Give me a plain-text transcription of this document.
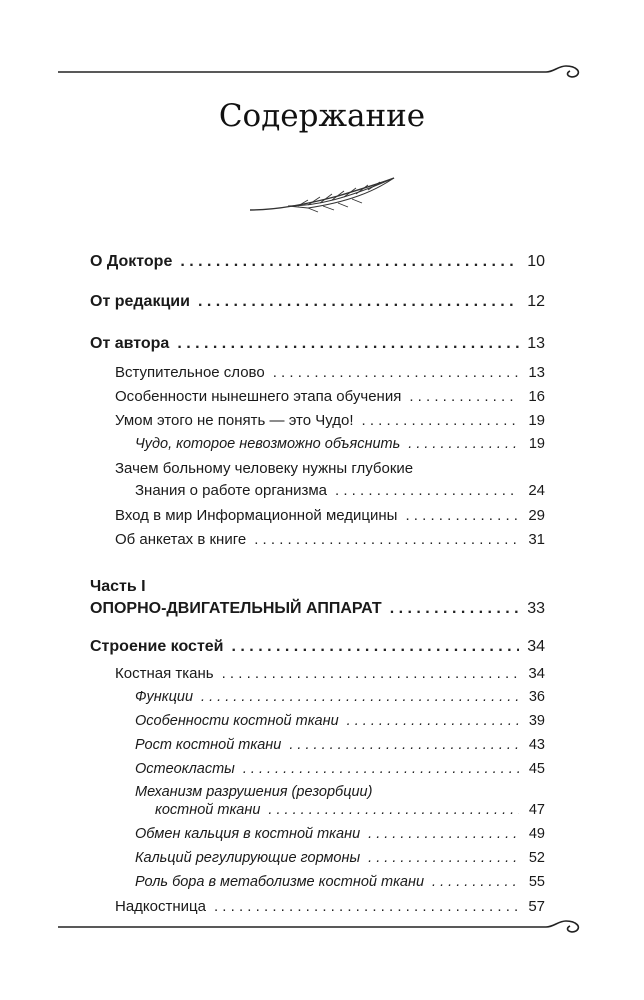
Содержание
О Докторе . . .	10
От редакции . . .	12
От автора . . .	13
Вступительное слово . . .	13
Особенности нынешнего этапа обучения . . .	16
Умом этого не понять — это Чудо! . . .	19
Чудо, которое невозможно объяснить . . .	19
Зачем больному человеку нужны глубокие
Знания о работе организма . . .	24
Вход в мир Информационной медицины . . .	29
Об анкетах в книге . . .	31
Часть I
ОПОРНО-ДВИГАТЕЛЬНЫЙ АППАРАТ . . .	33
Строение костей . . .	34
Костная ткань . . .	34
Функции . . .	36
Особенности костной ткани . . .	39
Рост костной ткани . . .	43
Остеокласты . . .	45
Механизм разрушения (резорбции)
костной ткани . . .	47
Обмен кальция в костной ткани . . .	49
Кальций регулирующие гормоны . . .	52
Роль бора в метаболизме костной ткани . . .	55
Надкостница . . .	57
